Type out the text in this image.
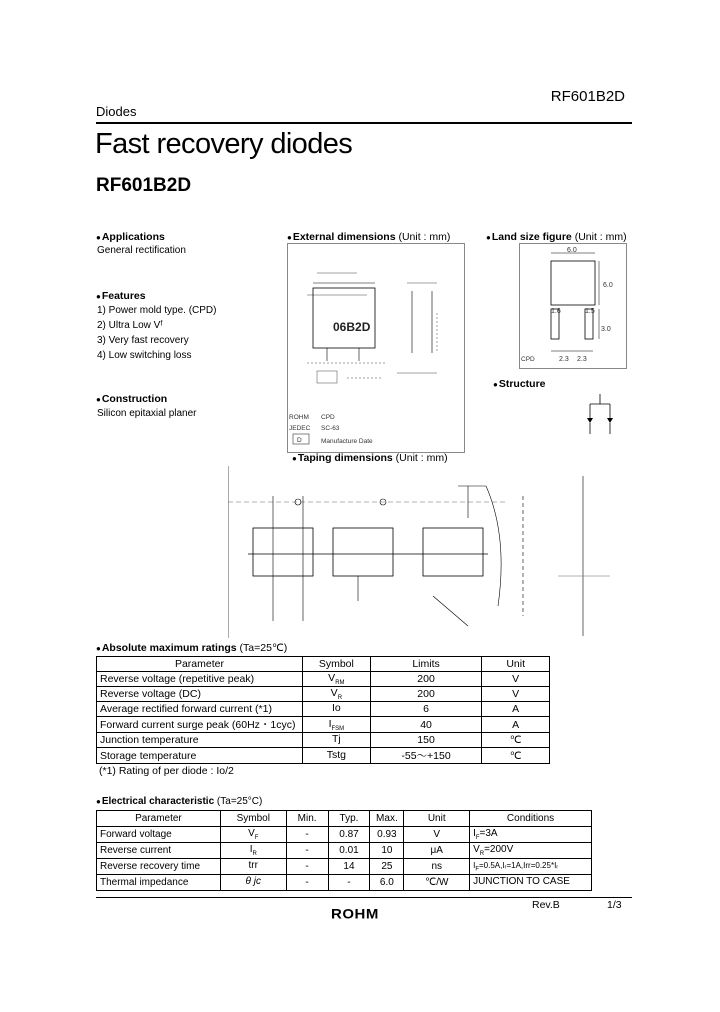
RF601B2D
Diodes
Fast recovery diodes
RF601B2D
● Applications
General rectification
● Features
1) Power mold type. (CPD)
2) Ultra Low Vᶠ
3) Very fast recovery
4) Low switching loss
● Construction
Silicon epitaxial planer
● External dimensions (Unit : mm)
06B2D
ROHM CPD
JEDEC SC-63
D	Manufacture Date
● Land size figure (Unit : mm)
6.0
6.0
1.6	1.5
3.0
CPD	2.3 2.3
● Structure
● Taping dimensions (Unit : mm)
● Absolute maximum ratings (Ta=25℃)
Parameter	Symbol	Limits	Unit
Reverse voltage (repetitive peak)	$V_{RM}$	200	V
Reverse voltage (DC)	$V_R$	200	V
Average rectified forward current (*1)	Io	6	A
Forward current surge peak (60Hz・1cyc)	$I_{FSM}$	40	A
Junction temperature	Tj	150	℃
Storage temperature	Tstg	-55～+150	℃
(*1) Rating of per diode : Io/2
● Electrical characteristic (Ta=25°C)
Parameter	Symbol	Min.	Typ.	Max.	Unit	Conditions
Forward voltage	$V_F$	-	0.87	0.93	V	$I_F=3A$
Reverse current	$I_R$	-	0.01	10	μA	$V_R=200V$
Reverse recovery time	trr	-	14	25	ns	$I_F=0.5A,Iᵣ=1A,Irr=0.25*Iᵣ$
Thermal impedance	θ jc	-	-	6.0	℃/W	JUNCTION TO CASE
Rev.B	1/3
ROHM
